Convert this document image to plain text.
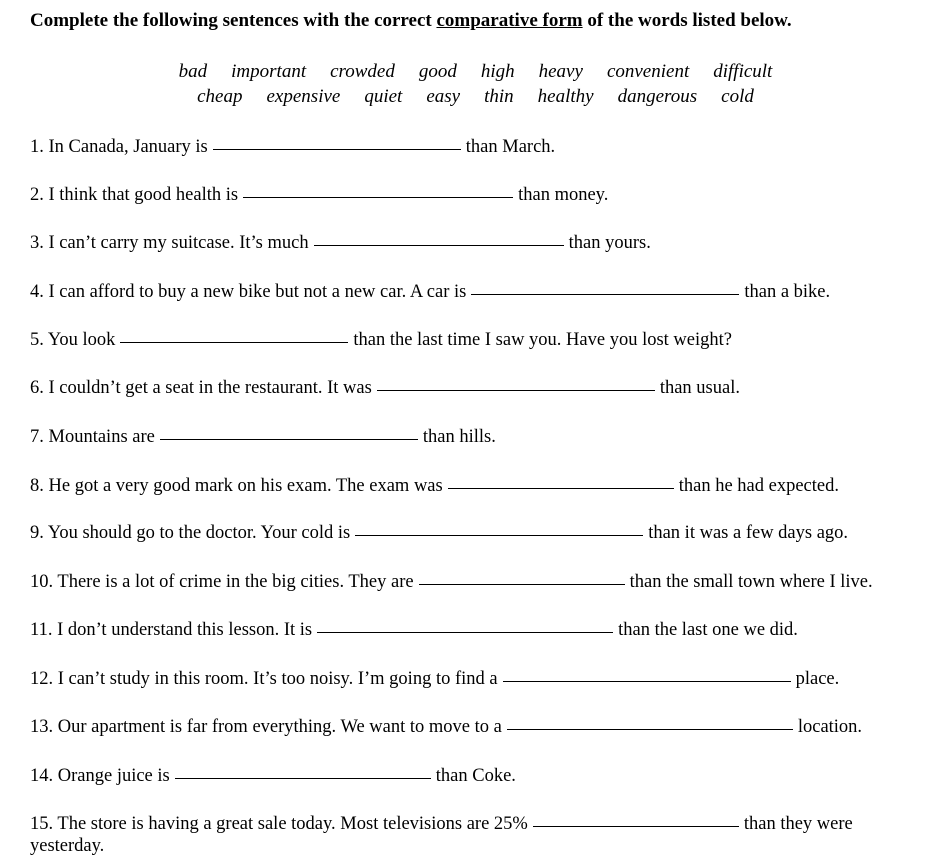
Complete the following sentences with the correct comparative form of the words listed below.
bad important crowded good high heavy convenient difficult
cheap expensive quiet easy thin healthy dangerous cold
1. In Canada, January is	than March.
2. I think that good health is	than money.
3. I can’t carry my suitcase. It’s much	than yours.
4. I can afford to buy a new bike but not a new car. A car is	than a bike.
5. You look	than the last time I saw you. Have you lost weight?
6. I couldn’t get a seat in the restaurant. It was	than usual.
7. Mountains are	than hills.
8. He got a very good mark on his exam. The exam was	than he had expected.
9. You should go to the doctor. Your cold is	than it was a few days ago.
10. There is a lot of crime in the big cities. They are	than the small town where I live.
11. I don’t understand this lesson. It is	than the last one we did.
12. I can’t study in this room. It’s too noisy. I’m going to find a	place.
13. Our apartment is far from everything. We want to move to a	location.
14. Orange juice is	than Coke.
15. The store is having a great sale today. Most televisions are 25%	than they were yesterday.
